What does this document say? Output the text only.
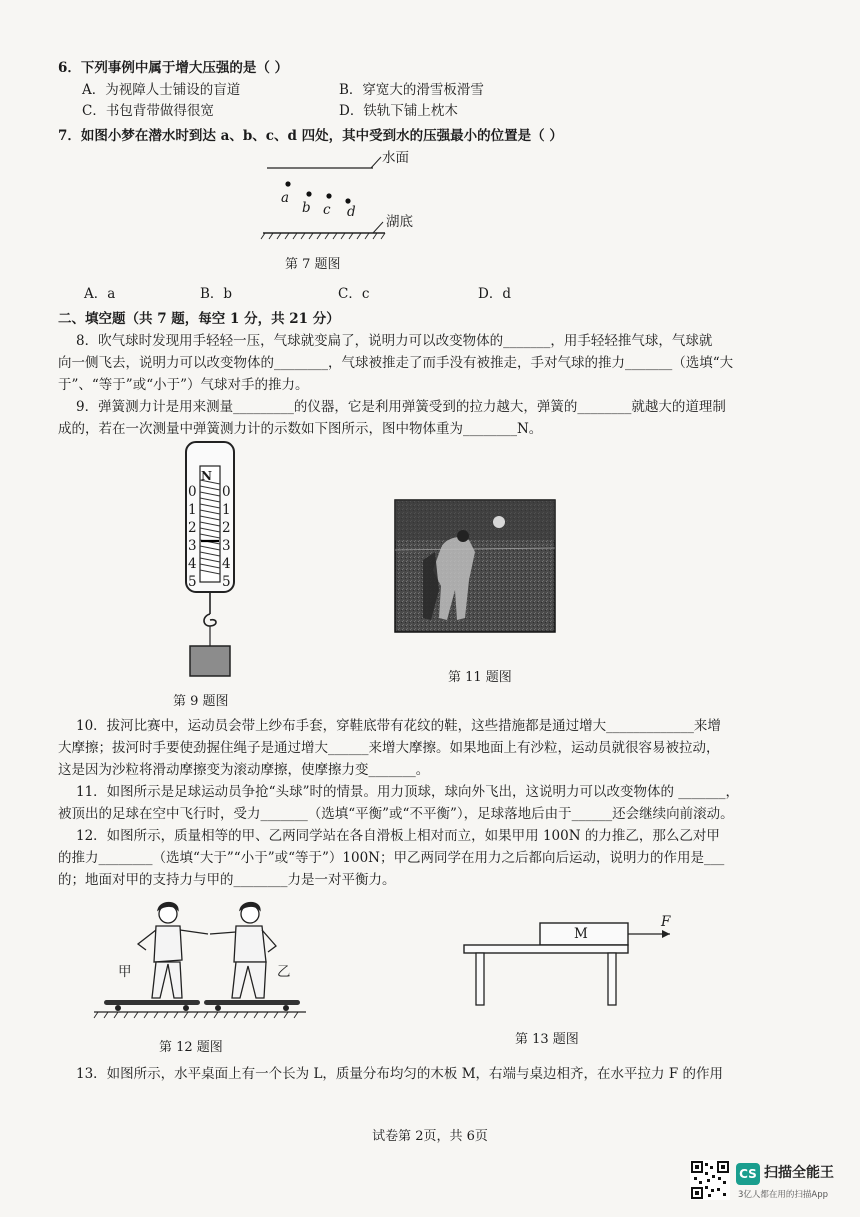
6．下列事例中属于增大压强的是（ ）
A．为视障人士铺设的盲道	B．穿宽大的滑雪板滑雪
C．书包背带做得很宽	D．铁轨下铺上枕木
7．如图小梦在潜水时到达 a、b、c、d 四处，其中受到水的压强最小的位置是（ ）
水面
湖底
a
b c d
第 7 题图
A．a	B．b	C．c	D．d
二、填空题（共 7 题，每空 1 分，共 21 分）
8．吹气球时发现用手轻轻一压，气球就变扁了，说明力可以改变物体的_______，用手轻轻推气球，气球就
向一侧飞去，说明力可以改变物体的________，气球被推走了而手没有被推走，手对气球的推力_______（选填“大
于”、“等于”或“小于”）气球对手的推力。
9．弹簧测力计是用来测量_________的仪器，它是利用弹簧受到的拉力越大，弹簧的________就越大的道理制
成的，若在一次测量中弹簧测力计的示数如下图所示，图中物体重为________N。
N
0
1
2
3
4
5
0
1
2
3
4
5
第 9 题图
第 11 题图
10．拔河比赛中，运动员会带上纱布手套，穿鞋底带有花纹的鞋，这些措施都是通过增大_____________来增
大摩擦；拔河时手要使劲握住绳子是通过增大______来增大摩擦。如果地面上有沙粒，运动员就很容易被拉动，
这是因为沙粒将滑动摩擦变为滚动摩擦，使摩擦力变_______。
11．如图所示是足球运动员争抢“头球”时的情景。用力顶球，球向外飞出，这说明力可以改变物体的 _______，
被顶出的足球在空中飞行时，受力_______（选填“平衡”或“不平衡”），足球落地后由于______还会继续向前滚动。
12．如图所示，质量相等的甲、乙两同学站在各自滑板上相对而立，如果甲用 100N 的力推乙，那么乙对甲
的推力________（选填“大于”“小于”或“等于”）100N；甲乙两同学在用力之后都向后运动，说明力的作用是___
的；地面对甲的支持力与甲的________力是一对平衡力。
甲	乙
第 12 题图
M
F
第 13 题图
13．如图所示，水平桌面上有一个长为 L，质量分布均匀的木板 M，右端与桌边相齐，在水平拉力 F 的作用
试卷第 2页，共 6页
CS 扫描全能王
3亿人都在用的扫描App
